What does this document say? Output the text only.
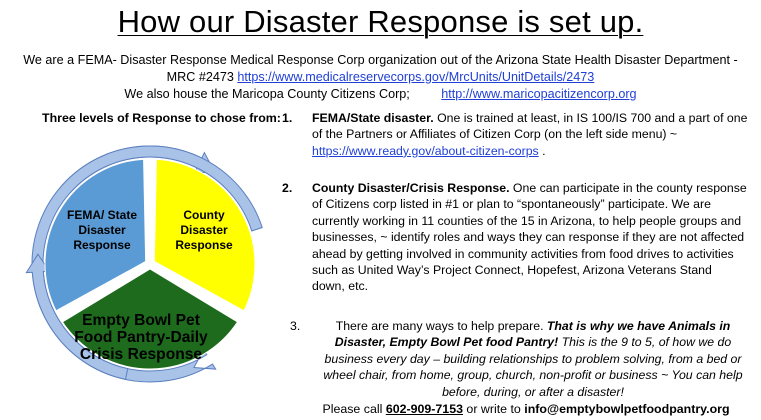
How our Disaster Response is set up.
We are a FEMA- Disaster Response Medical Response Corp organization out of the Arizona State Health Disaster Department -
MRC #2473 https://www.medicalreservecorps.gov/MrcUnits/UnitDetails/2473
We also house the Maricopa County Citizens Corp;	http://www.maricopacitizencorp.org
Three levels of Response to chose from:
FEMA/ State Disaster Response
County Disaster Response
Empty Bowl Pet Food Pantry-Daily Crisis Response
1. FEMA/State disaster. One is trained at least, in IS 100/IS 700 and a part of one of the Partners or Affiliates of Citizen Corp (on the left side menu) ~ https://www.ready.gov/about-citizen-corps .
2. County Disaster/Crisis Response. One can participate in the county response of Citizens corp listed in #1 or plan to “spontaneously” participate. We are currently working in 11 counties of the 15 in Arizona, to help people groups and businesses, ~ identify roles and ways they can response if they are not affected ahead by getting involved in community activities from food drives to activities such as United Way’s Project Connect, Hopefest, Arizona Veterans Stand down, etc.
3.	There are many ways to help prepare. That is why we have Animals in Disaster, Empty Bowl Pet food Pantry! This is the 9 to 5, of how we do business every day – building relationships to problem solving, from a bed or wheel chair, from home, group, church, non-profit or business ~ You can help before, during, or after a disaster!
Please call 602-909-7153 or write to info@emptybowlpetfoodpantry.org
